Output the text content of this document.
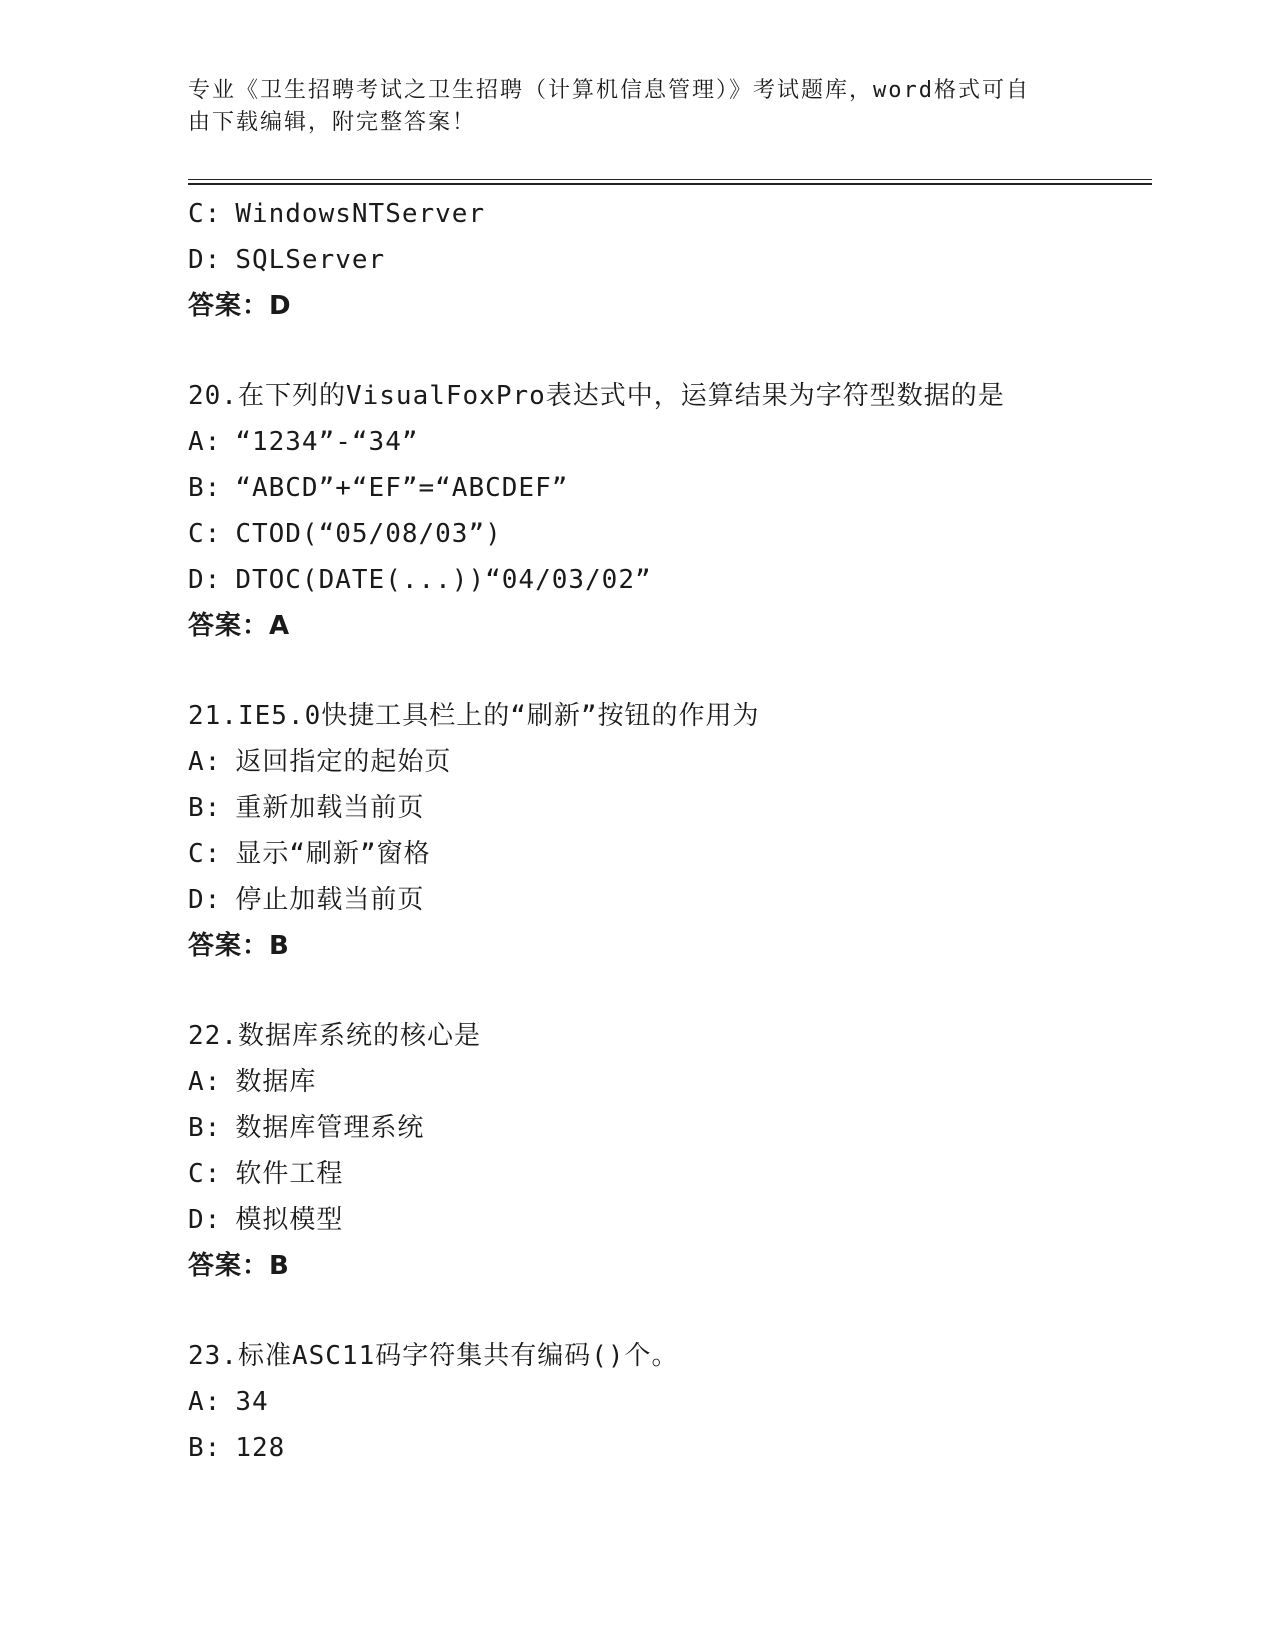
专业《卫生招聘考试之卫生招聘（计算机信息管理）》考试题库，word格式可自
由下载编辑，附完整答案！
C: WindowsNTServer
D: SQLServer
答案：D
20.在下列的VisualFoxPro表达式中，运算结果为字符型数据的是
A: “1234”-“34”
B: “ABCD”+“EF”=“ABCDEF”
C: CTOD(“05/08/03”)
D: DTOC(DATE(...))“04/03/02”
答案：A
21.IE5.0快捷工具栏上的“刷新”按钮的作用为
A: 返回指定的起始页
B: 重新加载当前页
C: 显示“刷新”窗格
D: 停止加载当前页
答案：B
22.数据库系统的核心是
A: 数据库
B: 数据库管理系统
C: 软件工程
D: 模拟模型
答案：B
23.标准ASC11码字符集共有编码()个。
A: 34
B: 128
